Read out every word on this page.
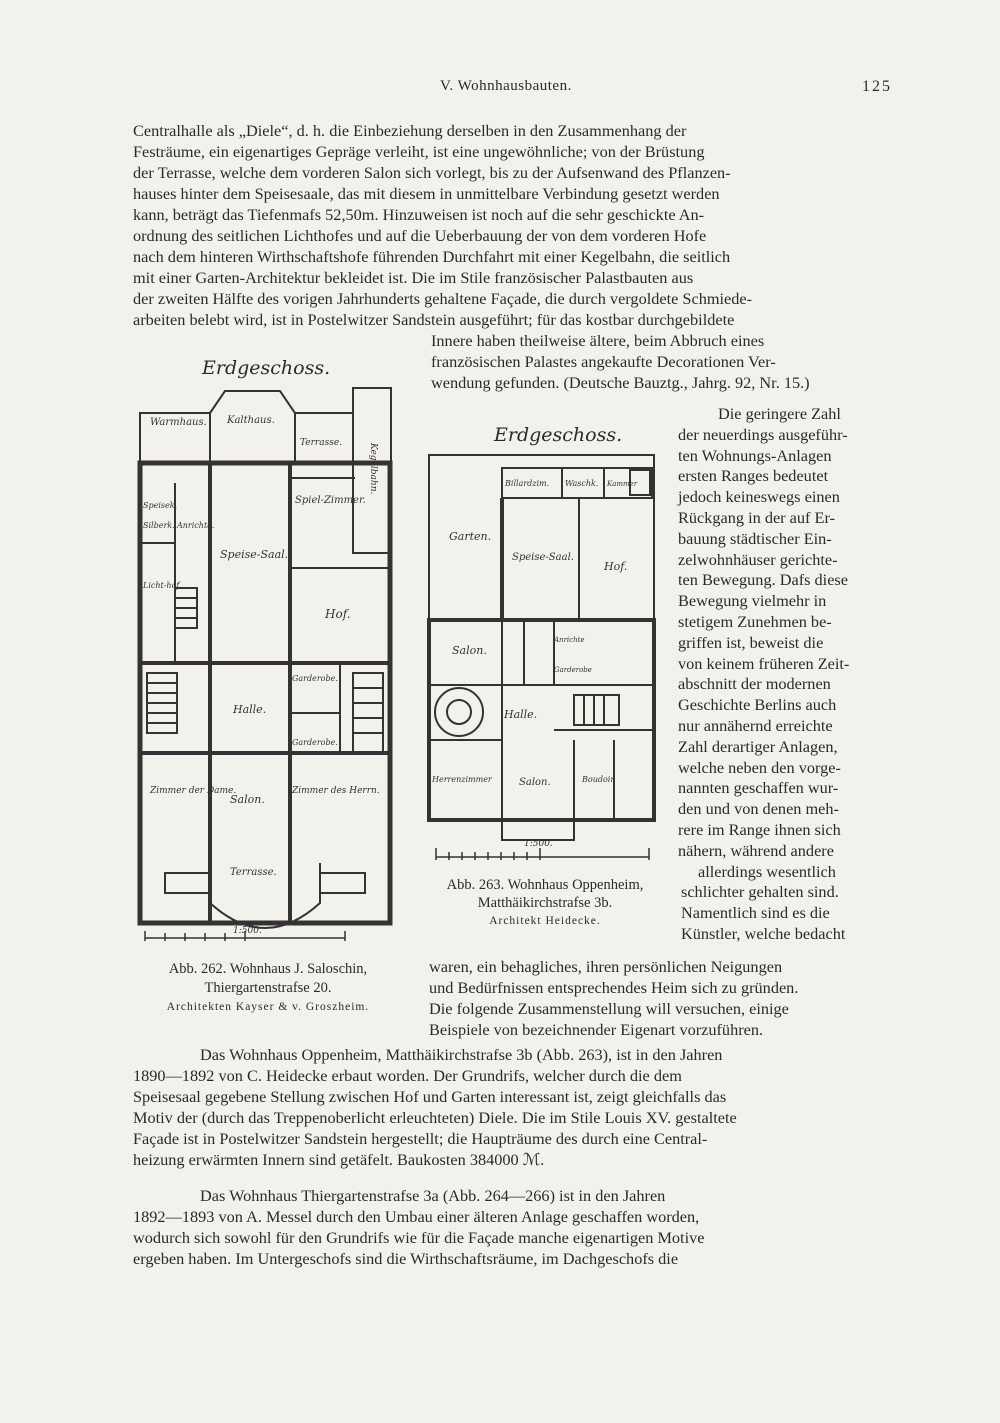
V. Wohnhausbauten.	125
Centralhalle als „Diele“, d. h. die Einbeziehung derselben in den Zusammenhang der
Festräume, ein eigenartiges Gepräge verleiht, ist eine ungewöhnliche; von der Brüstung
der Terrasse, welche dem vorderen Salon sich vorlegt, bis zu der Aufsenwand des Pflanzen-
hauses hinter dem Speisesaale, das mit diesem in unmittelbare Verbindung gesetzt werden
kann, beträgt das Tiefenmafs 52,50m. Hinzuweisen ist noch auf die sehr geschickte An-
ordnung des seitlichen Lichthofes und auf die Ueberbauung der von dem vorderen Hofe
nach dem hinteren Wirthschaftshofe führenden Durchfahrt mit einer Kegelbahn, die seitlich
mit einer Garten-Architektur bekleidet ist. Die im Stile französischer Palastbauten aus
der zweiten Hälfte des vorigen Jahrhunderts gehaltene Façade, die durch vergoldete Schmiede-
arbeiten belebt wird, ist in Postelwitzer Sandstein ausgeführt; für das kostbar durchgebildete
Innere haben theilweise ältere, beim Abbruch eines
französischen Palastes angekaufte Decorationen Ver-
wendung gefunden. (Deutsche Bauztg., Jahrg. 92, Nr. 15.)
Die geringere Zahl
der neuerdings ausgeführ-
ten Wohnungs-Anlagen
ersten Ranges bedeutet
jedoch keineswegs einen
Rückgang in der auf Er-
bauung städtischer Ein-
zelwohnhäuser gerichte-
ten Bewegung. Dafs diese
Bewegung vielmehr in
stetigem Zunehmen be-
griffen ist, beweist die
von keinem früheren Zeit-
abschnitt der modernen
Geschichte Berlins auch
nur annähernd erreichte
Zahl derartiger Anlagen,
welche neben den vorge-
nannten geschaffen wur-
den und von denen meh-
rere im Range ihnen sich
nähern, während andere
allerdings wesentlich
schlichter gehalten sind.
Namentlich sind es die
Künstler, welche bedacht
waren, ein behagliches, ihren persönlichen Neigungen
und Bedürfnissen entsprechendes Heim sich zu gründen.
Die folgende Zusammenstellung will versuchen, einige
Beispiele von bezeichnender Eigenart vorzuführen.
Das Wohnhaus Oppenheim, Matthäikirchstrafse 3b (Abb. 263), ist in den Jahren
1890—1892 von C. Heidecke erbaut worden. Der Grundrifs, welcher durch die dem
Speisesaal gegebene Stellung zwischen Hof und Garten interessant ist, zeigt gleichfalls das
Motiv der (durch das Treppenoberlicht erleuchteten) Diele. Die im Stile Louis XV. gestaltete
Façade ist in Postelwitzer Sandstein hergestellt; die Haupträume des durch eine Central-
heizung erwärmten Innern sind getäfelt. Baukosten 384000 ℳ.
Das Wohnhaus Thiergartenstrafse 3a (Abb. 264—266) ist in den Jahren
1892—1893 von A. Messel durch den Umbau einer älteren Anlage geschaffen worden,
wodurch sich sowohl für den Grundrifs wie für die Façade manche eigenartigen Motive
ergeben haben. Im Untergeschofs sind die Wirthschaftsräume, im Dachgeschofs die
Erdgeschoss.
Warmhaus. Kalthaus.
Terrasse.	Kegelbahn.
Speisek.
Silberk. Anrichte.
Licht-hof.
Spiel-Zimmer.
Speise-Saal.
Hof.
Garderobe.
Halle.
Garderobe.
Zimmer der Dame.
Salon.
Zimmer des Herrn.
Terrasse.
1:500.
Abb. 262. Wohnhaus J. Saloschin,
Thiergartenstrafse 20.
Architekten Kayser & v. Groszheim.
Erdgeschoss.
Billardzim. Waschk. Kammer
Garten.
Speise-Saal.
Hof.
Salon.
Anrichte
Garderobe
Halle.
Herrenzimmer	Salon.	Boudoir
1:500.
Abb. 263. Wohnhaus Oppenheim,
Matthäikirchstrafse 3b.
Architekt Heidecke.
